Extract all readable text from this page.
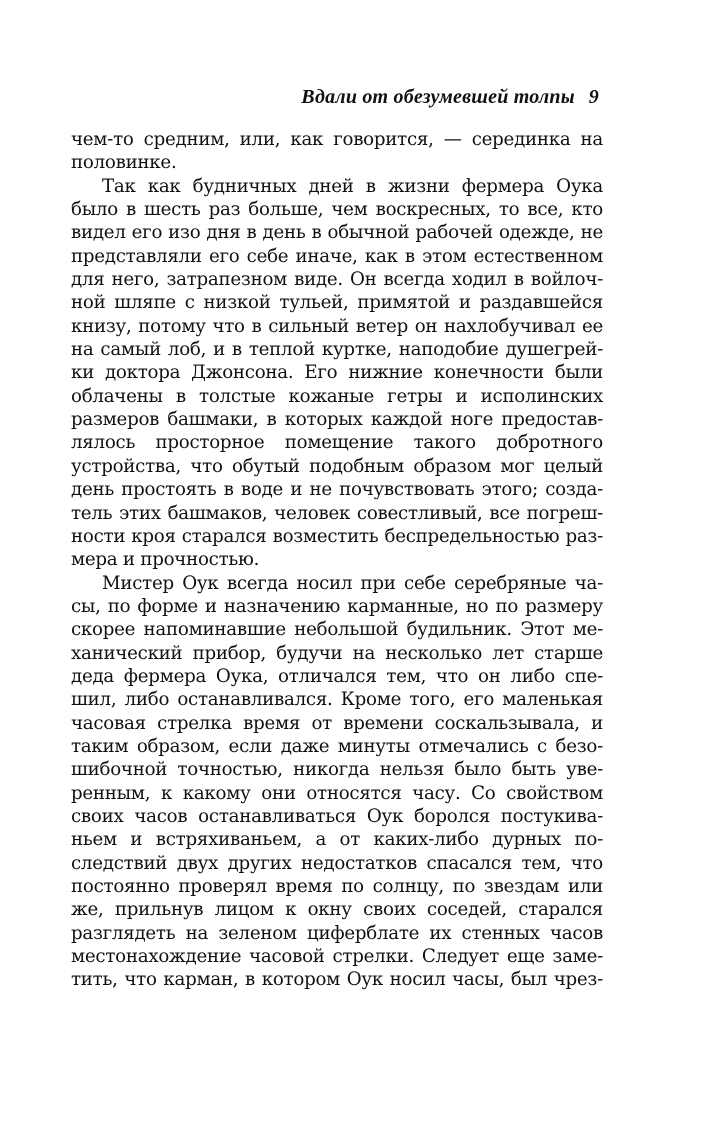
Вдали от обезумевшей толпы 9
чем-то средним, или, как говорится, — серединка на
половинке.
Так как будничных дней в жизни фермера Оука
было в шесть раз больше, чем воскресных, то все, кто
видел его изо дня в день в обычной рабочей одежде, не
представляли его себе иначе, как в этом естественном
для него, затрапезном виде. Он всегда ходил в войлоч-
ной шляпе с низкой тульей, примятой и раздавшейся
книзу, потому что в сильный ветер он нахлобучивал ее
на самый лоб, и в теплой куртке, наподобие душегрей-
ки доктора Джонсона. Его нижние конечности были
облачены в толстые кожаные гетры и исполинских
размеров башмаки, в которых каждой ноге предостав-
лялось просторное помещение такого добротного
устройства, что обутый подобным образом мог целый
день простоять в воде и не почувствовать этого; созда-
тель этих башмаков, человек совестливый, все погреш-
ности кроя старался возместить беспредельностью раз-
мера и прочностью.
Мистер Оук всегда носил при себе серебряные ча-
сы, по форме и назначению карманные, но по размеру
скорее напоминавшие небольшой будильник. Этот ме-
ханический прибор, будучи на несколько лет старше
деда фермера Оука, отличался тем, что он либо спе-
шил, либо останавливался. Кроме того, его маленькая
часовая стрелка время от времени соскальзывала, и
таким образом, если даже минуты отмечались с безо-
шибочной точностью, никогда нельзя было быть уве-
ренным, к какому они относятся часу. Со свойством
своих часов останавливаться Оук боролся постукива-
ньем и встряхиваньем, а от каких-либо дурных по-
следствий двух других недостатков спасался тем, что
постоянно проверял время по солнцу, по звездам или
же, прильнув лицом к окну своих соседей, старался
разглядеть на зеленом циферблате их стенных часов
местонахождение часовой стрелки. Следует еще заме-
тить, что карман, в котором Оук носил часы, был чрез-
